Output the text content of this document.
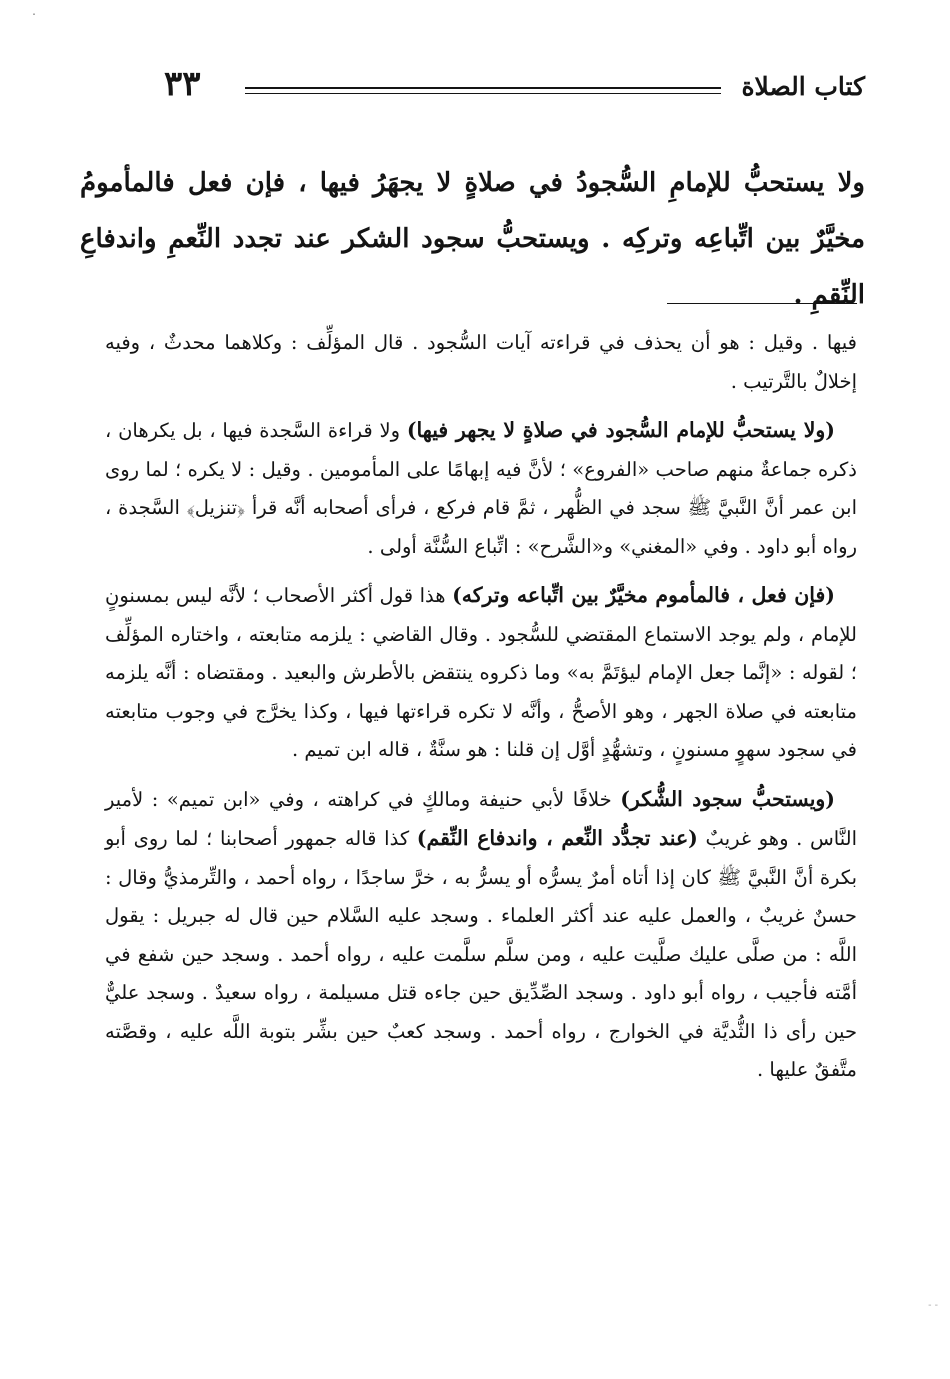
․
٣٣	كتاب الصلاة
ولا يستحبُّ للإمامِ السُّجودُ في صلاةٍ لا يجهَرُ فيها ، فإن فعل فالمأمومُ مخيَّرٌ بين اتِّباعِه وتركِه . ويستحبُّ سجود الشكر عند تجدد النِّعمِ واندفاعِ النِّقمِ .

فيها . وقيل : هو أن يحذف في قراءته آيات السُّجود . قال المؤلِّف : وكلاهما محدثٌ ، وفيه إخلالٌ بالتَّرتيب .

(ولا يستحبُّ للإمام السُّجود في صلاةٍ لا يجهر فيها) ولا قراءة السَّجدة فيها ، بل يكرهان ، ذكره جماعةٌ منهم صاحب «الفروع» ؛ لأنَّ فيه إبهامًا على المأمومين . وقيل : لا يكره ؛ لما روى ابن عمر أنَّ النَّبيَّ ﷺ سجد في الظُّهر ، ثمَّ قام فركع ، فرأى أصحابه أنَّه قرأ ﴿تنزيل﴾ السَّجدة ، رواه أبو داود . وفي «المغني» و«الشَّرح» : اتِّباع السُّنَّة أولى .

(فإن فعل ، فالمأموم مخيَّرٌ بين اتِّباعه وتركه) هذا قول أكثر الأصحاب ؛ لأنَّه ليس بمسنونٍ للإمام ، ولم يوجد الاستماع المقتضي للسُّجود . وقال القاضي : يلزمه متابعته ، واختاره المؤلِّف ؛ لقوله : «إنَّما جعل الإمام ليؤتَمَّ به» وما ذكروه ينتقض بالأطرش والبعيد . ومقتضاه : أنَّه يلزمه متابعته في صلاة الجهر ، وهو الأصحُّ ، وأنَّه لا تكره قراءتها فيها ، وكذا يخرَّج في وجوب متابعته في سجود سهوٍ مسنونٍ ، وتشهُّدٍ أوَّل إن قلنا : هو سنَّةٌ ، قاله ابن تميم .

(ويستحبُّ سجود الشُّكر) خلافًا لأبي حنيفة ومالكٍ في كراهته ، وفي «ابن تميم» : لأمير النَّاس . وهو غريبٌ (عند تجدُّد النِّعم ، واندفاع النِّقم) كذا قاله جمهور أصحابنا ؛ لما روى أبو بكرة أنَّ النَّبيَّ ﷺ كان إذا أتاه أمرٌ يسرُّه أو يسرُّ به ، خرَّ ساجدًا ، رواه أحمد ، والتِّرمذيُّ وقال : حسنٌ غريبٌ ، والعمل عليه عند أكثر العلماء . وسجد عليه السَّلام حين قال له جبريل : يقول اللَّه : من صلَّى عليك صلَّيت عليه ، ومن سلَّم سلَّمت عليه ، رواه أحمد . وسجد حين شفع في أمَّته فأجيب ، رواه أبو داود . وسجد الصِّدِّيق حين جاءه قتل مسيلمة ، رواه سعيدٌ . وسجد عليٌّ حين رأى ذا الثُّديَّة في الخوارج ، رواه أحمد . وسجد كعبٌ حين بشِّر بتوبة اللَّه عليه ، وقصَّته متَّفقٌ عليها .

- -
